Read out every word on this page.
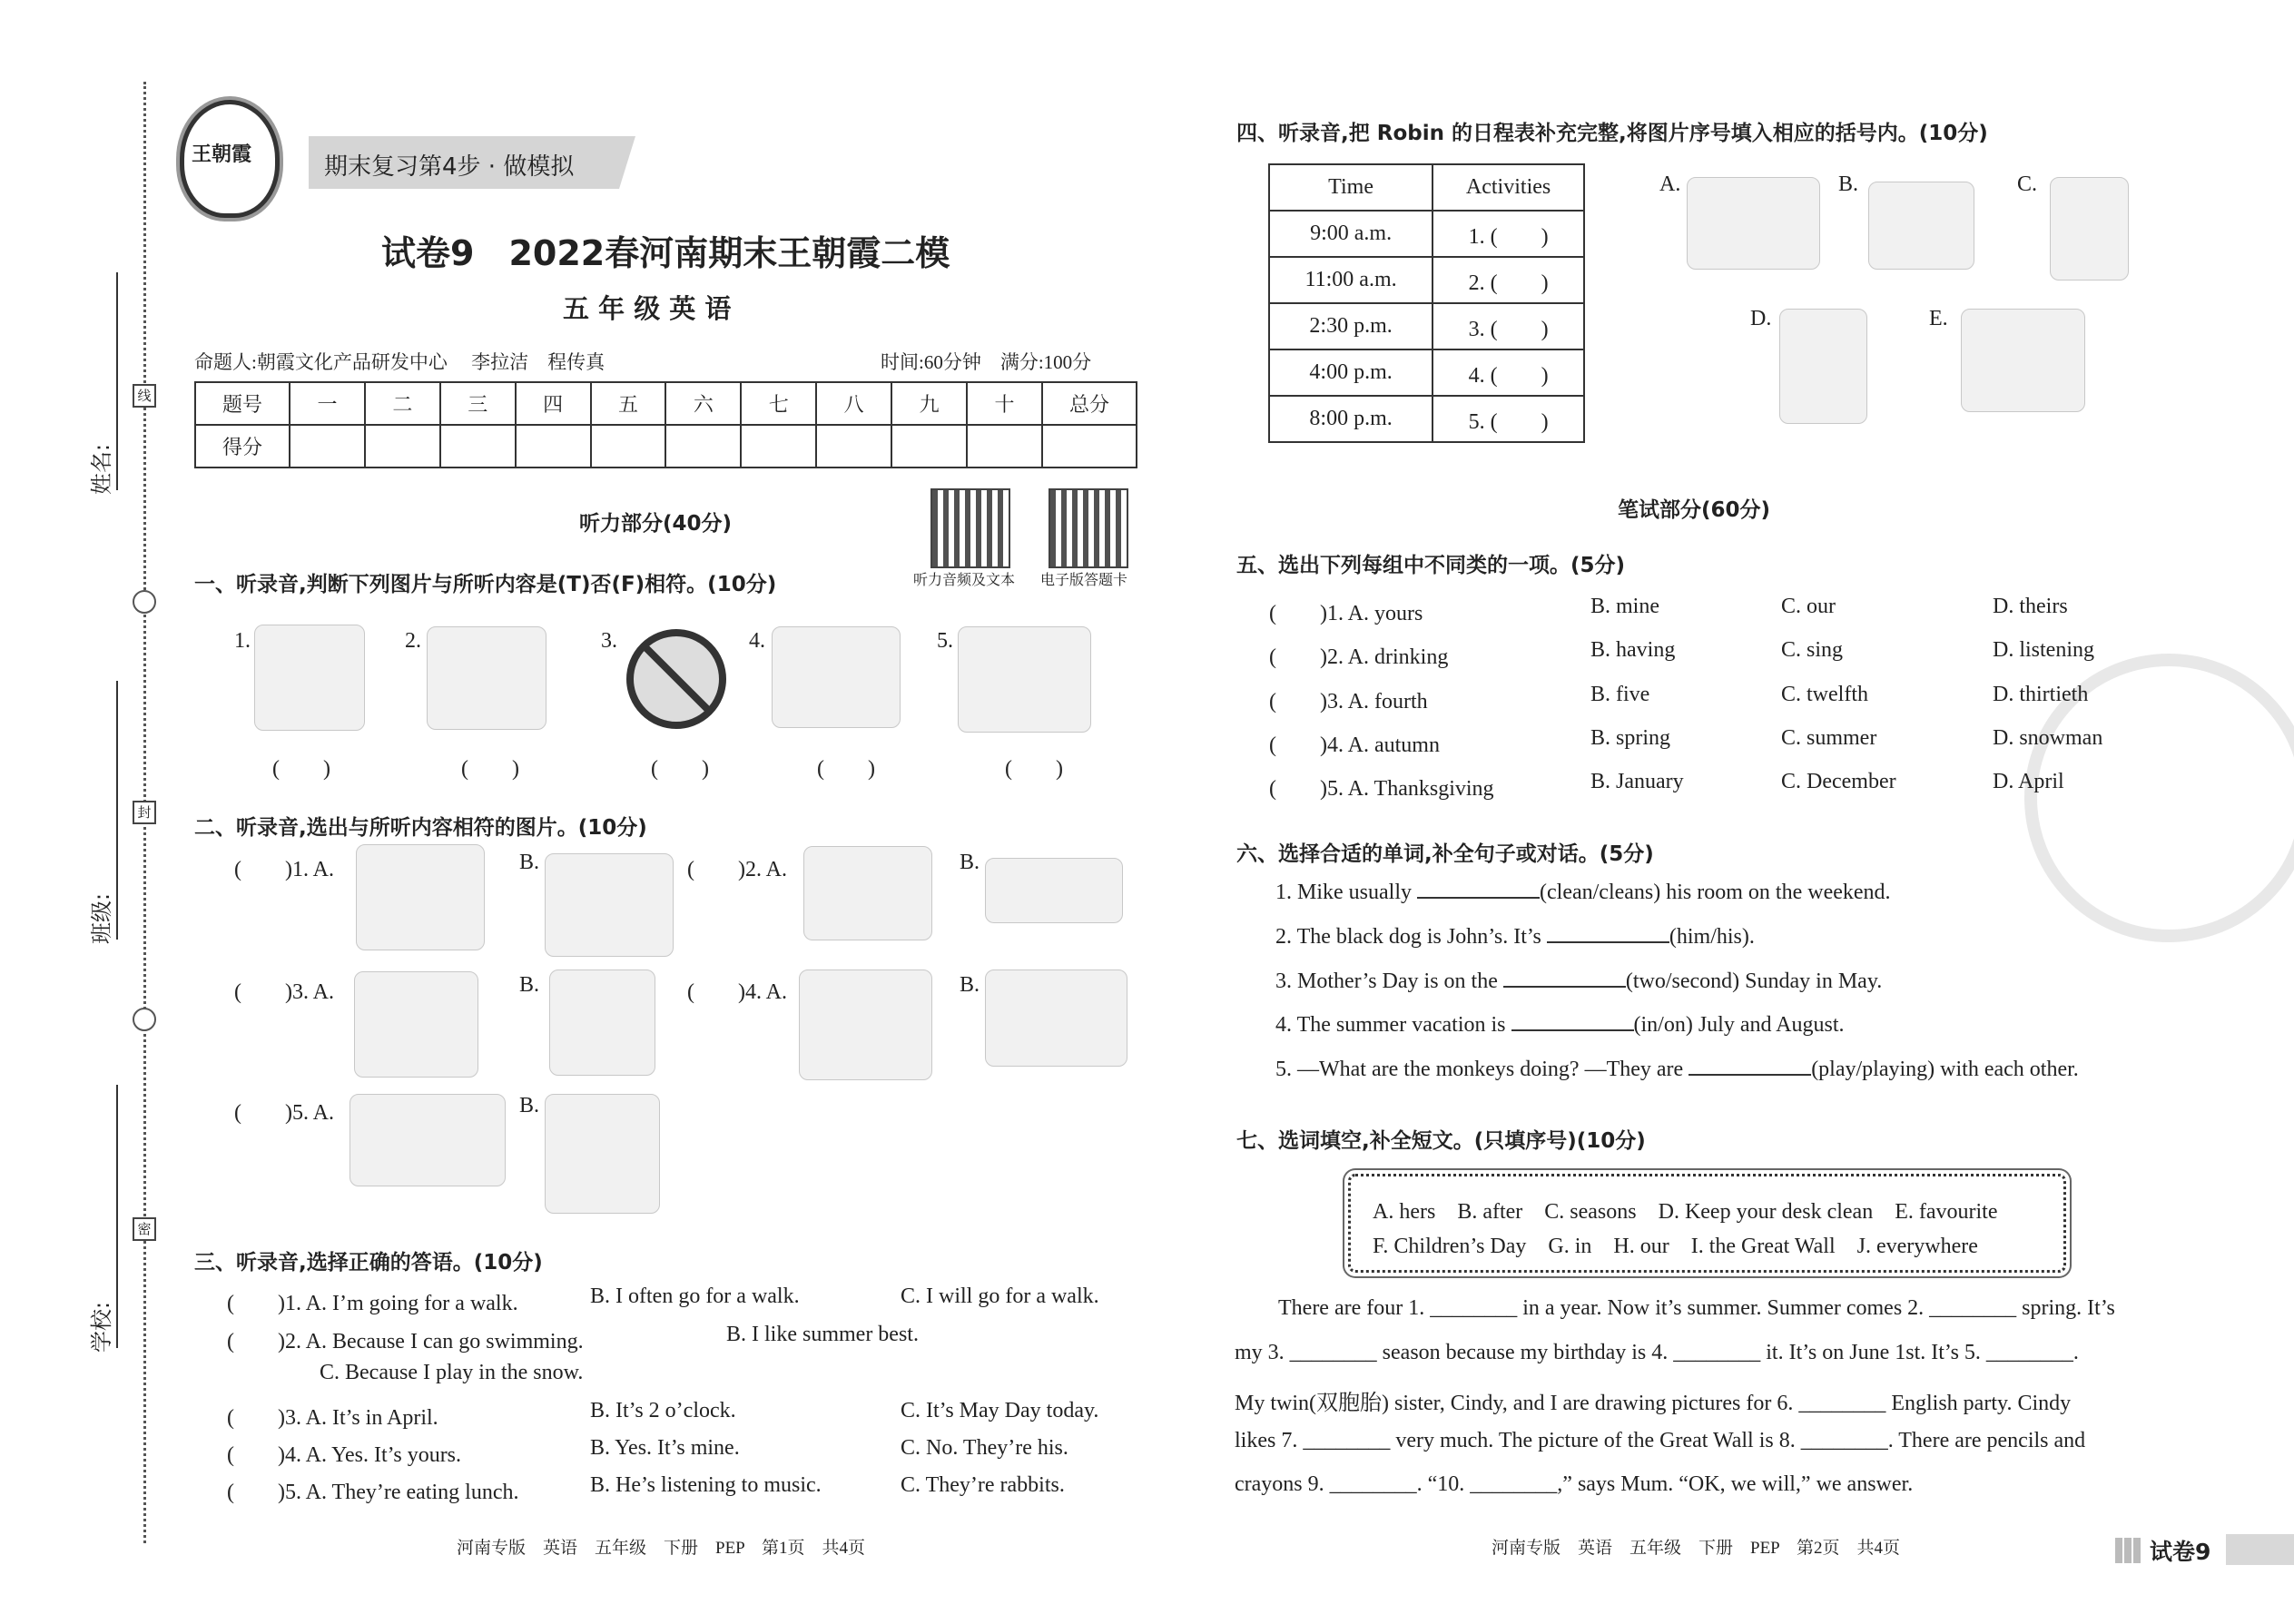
线
封
密
姓名:
班级:
学校:
王朝霞	期末复习第4步 · 做模拟
试卷9　2022春河南期末王朝霞二模
五 年 级 英 语
命题人:朝霞文化产品研发中心　 李拉洁　程传真	时间:60分钟　满分:100分
题号	一	二	三	四	五	六	七	八	九	十	总分
得分											
听力部分(40分)
听力音频及文本 电子版答题卡
一、听录音,判断下列图片与所听内容是(T)否(F)相符。(10分)
1.	2.	3.	4.	5.
(　　)	(　　)	(　　)	(　　)	(　　)
二、听录音,选出与所听内容相符的图片。(10分)
(　　)1. A.	B.	(　　)2. A.	B.
(　　)3. A.	B.	(　　)4. A.	B.
(　　)5. A.	B.
三、听录音,选择正确的答语。(10分)
(　　)1. A. I’m going for a walk.	B. I often go for a walk.	C. I will go for a walk.
(　　)2. A. Because I can go swimming.	B. I like summer best.
C. Because I play in the snow.
(　　)3. A. It’s in April.	B. It’s 2 o’clock.	C. It’s May Day today.
(　　)4. A. Yes. It’s yours.	B. Yes. It’s mine.	C. No. They’re his.
(　　)5. A. They’re eating lunch.	B. He’s listening to music.	C. They’re rabbits.
河南专版　英语　五年级　下册　PEP　第1页　共4页
四、听录音,把 Robin 的日程表补充完整,将图片序号填入相应的括号内。(10分)
Time	Activities
9:00 a.m.	1. (　　)
11:00 a.m.	2. (　　)
2:30 p.m.	3. (　　)
4:00 p.m.	4. (　　)
8:00 p.m.	5. (　　)
A.	B.	C.
D.	E.
笔试部分(60分)
五、选出下列每组中不同类的一项。(5分)
(　　)1. A. yours	B. mine	C. our	D. theirs
(　　)2. A. drinking	B. having	C. sing	D. listening
(　　)3. A. fourth	B. five	C. twelfth	D. thirtieth
(　　)4. A. autumn	B. spring	C. summer	D. snowman
(　　)5. A. Thanksgiving	B. January	C. December	D. April
六、选择合适的单词,补全句子或对话。(5分)
1. Mike usually	(clean/cleans) his room on the weekend.
2. The black dog is John’s. It’s	(him/his).
3. Mother’s Day is on the	(two/second) Sunday in May.
4. The summer vacation is	(in/on) July and August.
5. —What are the monkeys doing? —They are	(play/playing) with each other.
七、选词填空,补全短文。(只填序号)(10分)
A. hers　B. after　C. seasons　D. Keep your desk clean　E. favourite
F. Children’s Day　G. in　H. our　I. the Great Wall　J. everywhere
There are four 1. ________ in a year. Now it’s summer. Summer comes 2. ________ spring. It’s
my 3. ________ season because my birthday is 4. ________ it. It’s on June 1st. It’s 5. ________.
My twin(双胞胎) sister, Cindy, and I are drawing pictures for 6. ________ English party. Cindy
likes 7. ________ very much. The picture of the Great Wall is 8. ________. There are pencils and
crayons 9. ________. “10. ________,” says Mum. “OK, we will,” we answer.
河南专版　英语　五年级　下册　PEP　第2页　共4页	试卷9
